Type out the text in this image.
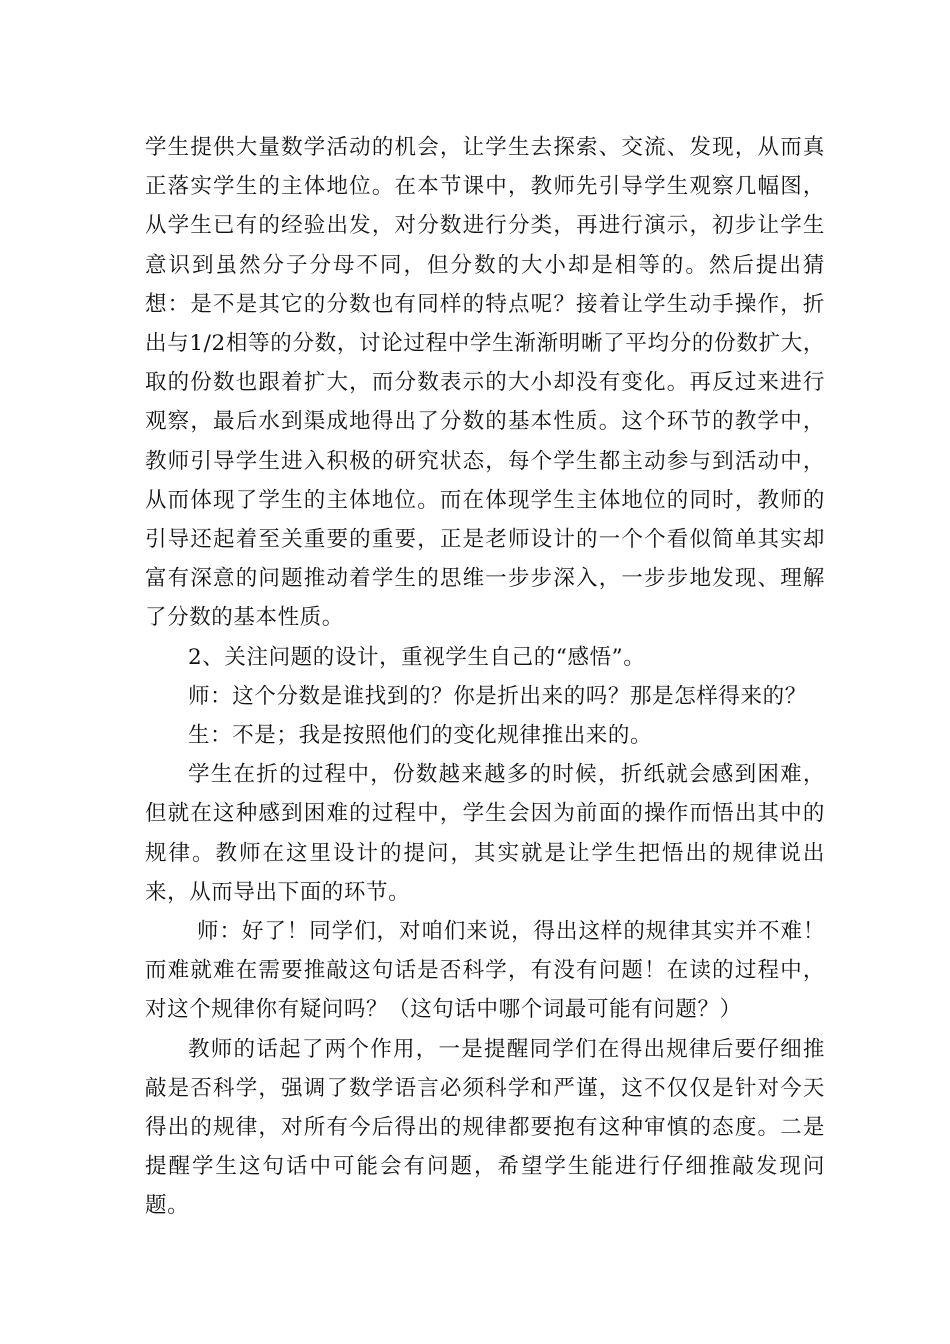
学生提供大量数学活动的机会，让学生去探索、交流、发现，从而真正落实学生的主体地位。在本节课中，教师先引导学生观察几幅图，从学生已有的经验出发，对分数进行分类，再进行演示，初步让学生意识到虽然分子分母不同，但分数的大小却是相等的。然后提出猜想：是不是其它的分数也有同样的特点呢？接着让学生动手操作，折出与1/2相等的分数，讨论过程中学生渐渐明晰了平均分的份数扩大，取的份数也跟着扩大，而分数表示的大小却没有变化。再反过来进行观察，最后水到渠成地得出了分数的基本性质。这个环节的教学中，教师引导学生进入积极的研究状态，每个学生都主动参与到活动中，从而体现了学生的主体地位。而在体现学生主体地位的同时，教师的引导还起着至关重要的重要，正是老师设计的一个个看似简单其实却富有深意的问题推动着学生的思维一步步深入，一步步地发现、理解了分数的基本性质。

2、关注问题的设计，重视学生自己的“感悟”。

师：这个分数是谁找到的？你是折出来的吗？那是怎样得来的？

生：不是；我是按照他们的变化规律推出来的。

学生在折的过程中，份数越来越多的时候，折纸就会感到困难，但就在这种感到困难的过程中，学生会因为前面的操作而悟出其中的规律。教师在这里设计的提问，其实就是让学生把悟出的规律说出来，从而导出下面的环节。

师：好了！同学们，对咱们来说，得出这样的规律其实并不难！而难就难在需要推敲这句话是否科学，有没有问题！在读的过程中，对这个规律你有疑问吗？（这句话中哪个词最可能有问题？）

教师的话起了两个作用，一是提醒同学们在得出规律后要仔细推敲是否科学，强调了数学语言必须科学和严谨，这不仅仅是针对今天得出的规律，对所有今后得出的规律都要抱有这种审慎的态度。二是提醒学生这句话中可能会有问题，希望学生能进行仔细推敲发现问题。
